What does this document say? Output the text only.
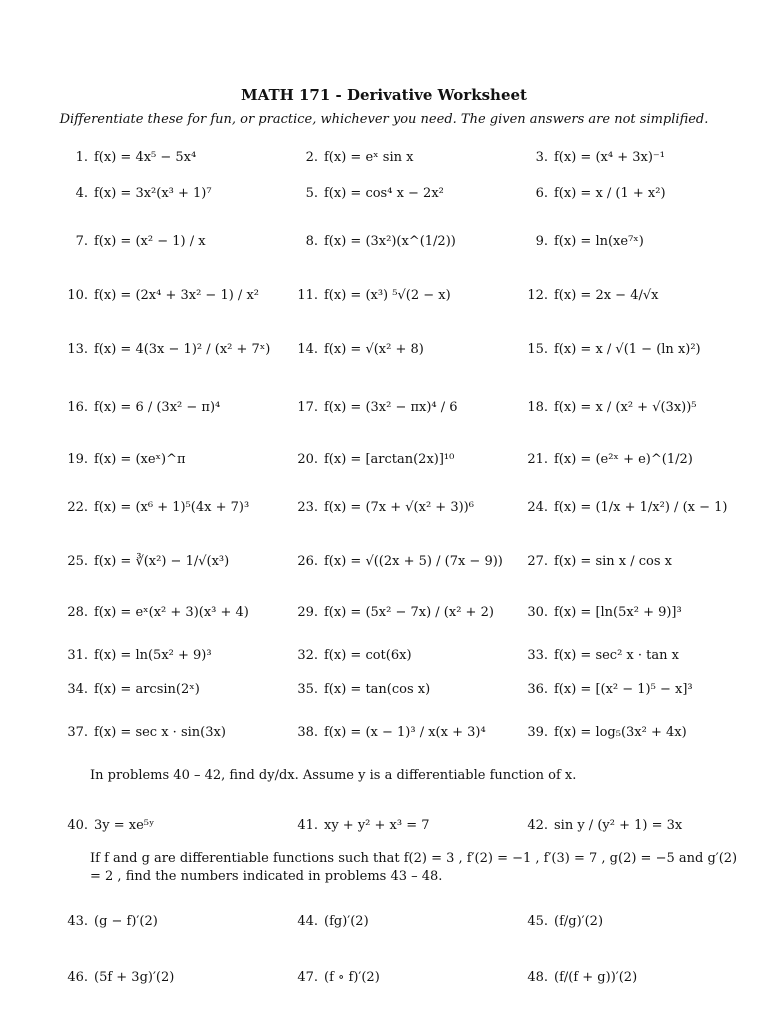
MATH 171 - Derivative Worksheet
Differentiate these for fun, or practice, whichever you need. The given answers are not simplified.
1. f(x) = 4x⁵ − 5x⁴	2. f(x) = eˣ sin x	3. f(x) = (x⁴ + 3x)⁻¹
4. f(x) = 3x²(x³ + 1)⁷	5. f(x) = cos⁴ x − 2x²	6. f(x) = x / (1 + x²)
7. f(x) = (x² − 1) / x	8. f(x) = (3x²)(x^(1/2))	9. f(x) = ln(xe⁷ˣ)
10. f(x) = (2x⁴ + 3x² − 1) / x²	11. f(x) = (x³) ⁵√(2 − x)	12. f(x) = 2x − 4/√x
13. f(x) = 4(3x − 1)² / (x² + 7ˣ)	14. f(x) = √(x² + 8)	15. f(x) = x / √(1 − (ln x)²)
16. f(x) = 6 / (3x² − π)⁴	17. f(x) = (3x² − πx)⁴ / 6	18. f(x) = x / (x² + √(3x))⁵
19. f(x) = (xeˣ)^π	20. f(x) = [arctan(2x)]¹⁰	21. f(x) = (e²ˣ + e)^(1/2)
22. f(x) = (x⁶ + 1)⁵(4x + 7)³	23. f(x) = (7x + √(x² + 3))⁶	24. f(x) = (1/x + 1/x²) / (x − 1)
25. f(x) = ∛(x²) − 1/√(x³)	26. f(x) = √((2x + 5) / (7x − 9))	27. f(x) = sin x / cos x
28. f(x) = eˣ(x² + 3)(x³ + 4)	29. f(x) = (5x² − 7x) / (x² + 2)	30. f(x) = [ln(5x² + 9)]³
31. f(x) = ln(5x² + 9)³	32. f(x) = cot(6x)	33. f(x) = sec² x · tan x
34. f(x) = arcsin(2ˣ)	35. f(x) = tan(cos x)	36. f(x) = [(x² − 1)⁵ − x]³
37. f(x) = sec x · sin(3x)	38. f(x) = (x − 1)³ / x(x + 3)⁴	39. f(x) = log₅(3x² + 4x)
In problems 40 – 42, find dy/dx. Assume y is a differentiable function of x.
40. 3y = xe⁵ʸ	41. xy + y² + x³ = 7	42. sin y / (y² + 1) = 3x
If f and g are differentiable functions such that f(2) = 3 , f′(2) = −1 , f′(3) = 7 , g(2) = −5 and g′(2) = 2 , find the numbers indicated in problems 43 – 48.
43. (g − f)′(2)	44. (fg)′(2)	45. (f/g)′(2)
46. (5f + 3g)′(2)	47. (f ∘ f)′(2)	48. (f/(f + g))′(2)
